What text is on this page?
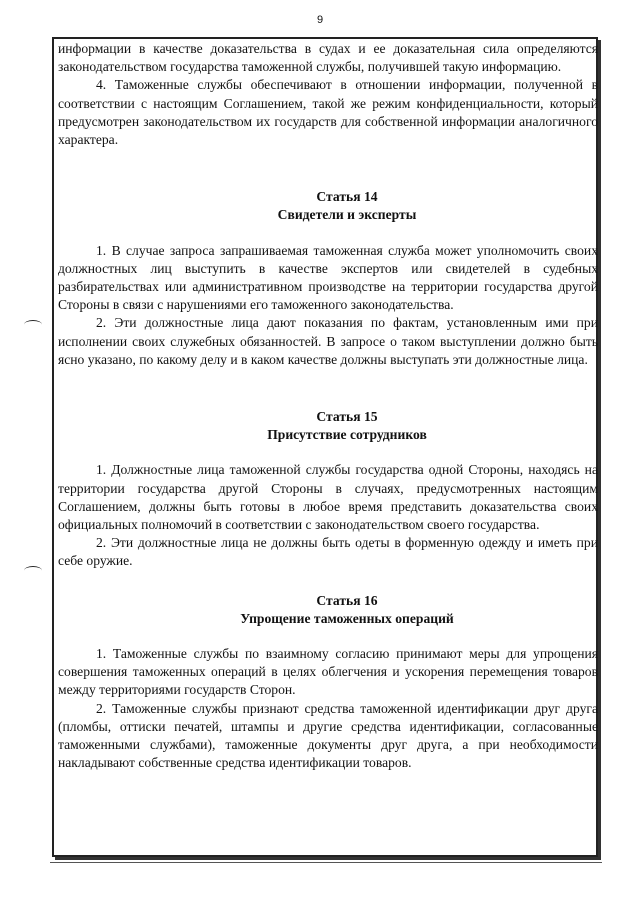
9

информации в качестве доказательства в судах и ее доказательная сила определяются законодательством государства таможенной службы, получившей такую информацию.

4. Таможенные службы обеспечивают в отношении информации, полученной в соответствии с настоящим Соглашением, такой же режим конфиденциальности, который предусмотрен законодательством их государств для собственной информации аналогичного характера.

Статья 14

Свидетели и эксперты

1. В случае запроса запрашиваемая таможенная служба может уполномочить своих должностных лиц выступить в качестве экспертов или свидетелей в судебных разбирательствах или административном производстве на территории государства другой Стороны в связи с нарушениями его таможенного законодательства.

2. Эти должностные лица дают показания по фактам, установленным ими при исполнении своих служебных обязанностей. В запросе о таком выступлении должно быть ясно указано, по какому делу и в каком качестве должны выступать эти должностные лица.

Статья 15

Присутствие сотрудников

1. Должностные лица таможенной службы государства одной Стороны, находясь на территории государства другой Стороны в случаях, предусмотренных настоящим Соглашением, должны быть готовы в любое время представить доказательства своих официальных полномочий в соответствии с законодательством своего государства.

2. Эти должностные лица не должны быть одеты в форменную одежду и иметь при себе оружие.

Статья 16

Упрощение таможенных операций

1. Таможенные службы по взаимному согласию принимают меры для упрощения совершения таможенных операций в целях облегчения и ускорения перемещения товаров между территориями государств Сторон.

2. Таможенные службы признают средства таможенной идентификации друг друга (пломбы, оттиски печатей, штампы и другие средства идентификации, согласованные таможенными службами), таможенные документы друг друга, а при необходимости накладывают собственные средства идентификации товаров.
